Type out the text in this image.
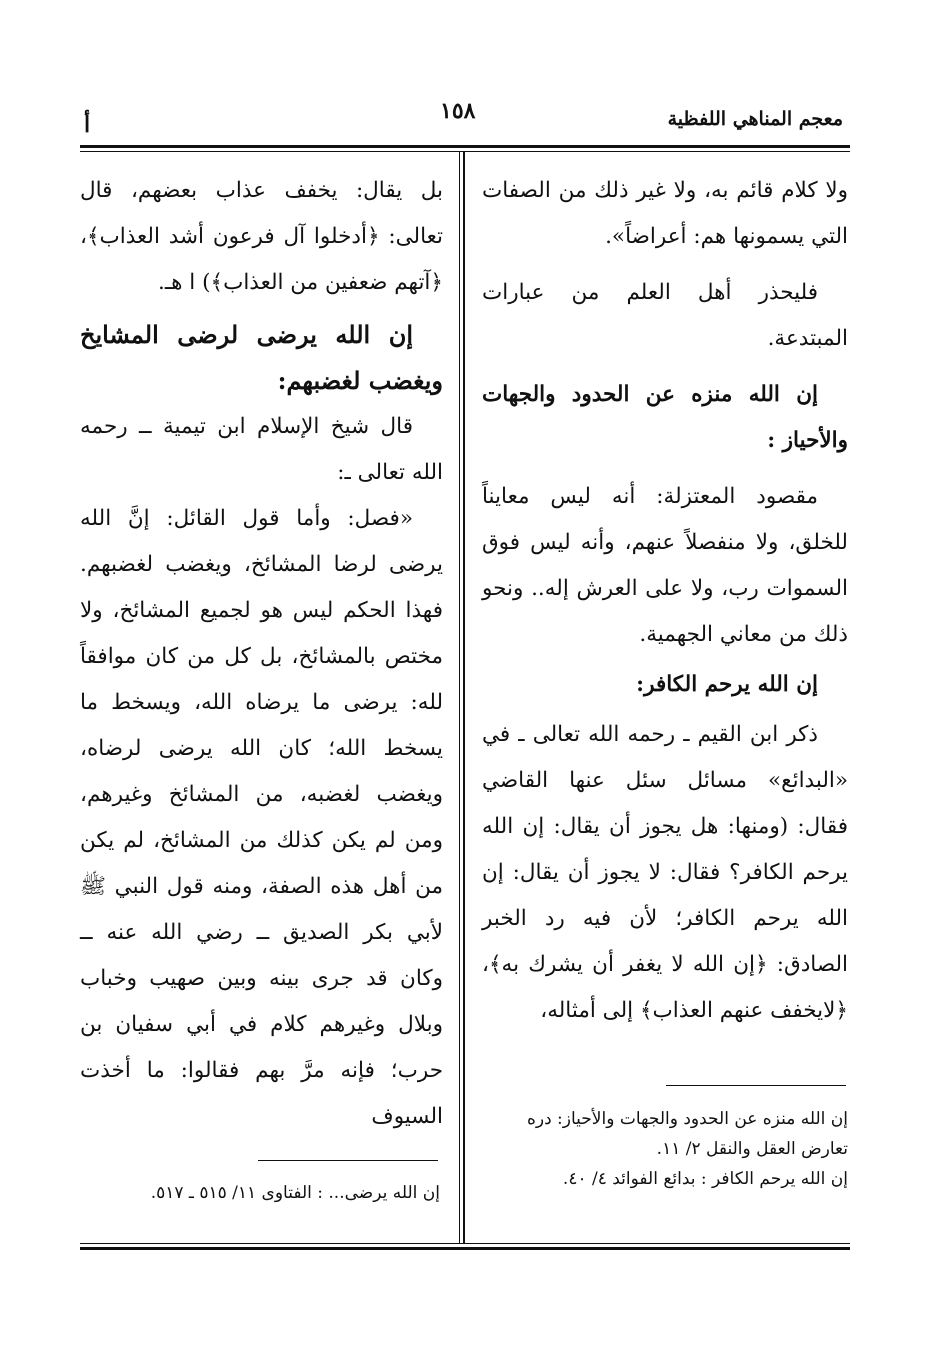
معجم المناهي اللفظية
١٥٨
أ

ولا كلام قائم به، ولا غير ذلك من الصفات التي يسمونها هم: أعراضاً».

فليحذر أهل العلم من عبارات المبتدعة.

إن الله منزه عن الحدود والجهات والأحياز :

مقصود المعتزلة: أنه ليس معايناً للخلق، ولا منفصلاً عنهم، وأنه ليس فوق السموات رب، ولا على العرش إله.. ونحو ذلك من معاني الجهمية.

إن الله يرحم الكافر:

ذكر ابن القيم ـ رحمه الله تعالى ـ في «البدائع» مسائل سئل عنها القاضي فقال: (ومنها: هل يجوز أن يقال: إن الله يرحم الكافر؟ فقال: لا يجوز أن يقال: إن الله يرحم الكافر؛ لأن فيه رد الخبر الصادق: ﴿إن الله لا يغفر أن يشرك به﴾، ﴿لايخفف عنهم العذاب﴾ إلى أمثاله،

إن الله منزه عن الحدود والجهات والأحياز: دره تعارض العقل والنقل ٢/ ١١.

إن الله يرحم الكافر : بدائع الفوائد ٤/ ٤٠.

بل يقال: يخفف عذاب بعضهم، قال تعالى: ﴿أدخلوا آل فرعون أشد العذاب﴾، ﴿آتهم ضعفين من العذاب﴾) ا هـ.

إن الله يرضى لرضى المشايخ ويغضب لغضبهم:

قال شيخ الإسلام ابن تيمية ــ رحمه الله تعالى ـ:

«فصل: وأما قول القائل: إنَّ الله يرضى لرضا المشائخ، ويغضب لغضبهم. فهذا الحكم ليس هو لجميع المشائخ، ولا مختص بالمشائخ، بل كل من كان موافقاً لله: يرضى ما يرضاه الله، ويسخط ما يسخط الله؛ كان الله يرضى لرضاه، ويغضب لغضبه، من المشائخ وغيرهم، ومن لم يكن كذلك من المشائخ، لم يكن من أهل هذه الصفة، ومنه قول النبي ﷺ لأبي بكر الصديق ــ رضي الله عنه ــ وكان قد جرى بينه وبين صهيب وخباب وبلال وغيرهم كلام في أبي سفيان بن حرب؛ فإنه مرَّ بهم فقالوا: ما أخذت السيوف

إن الله يرضى... : الفتاوى ١١/ ٥١٥ ـ ٥١٧.
